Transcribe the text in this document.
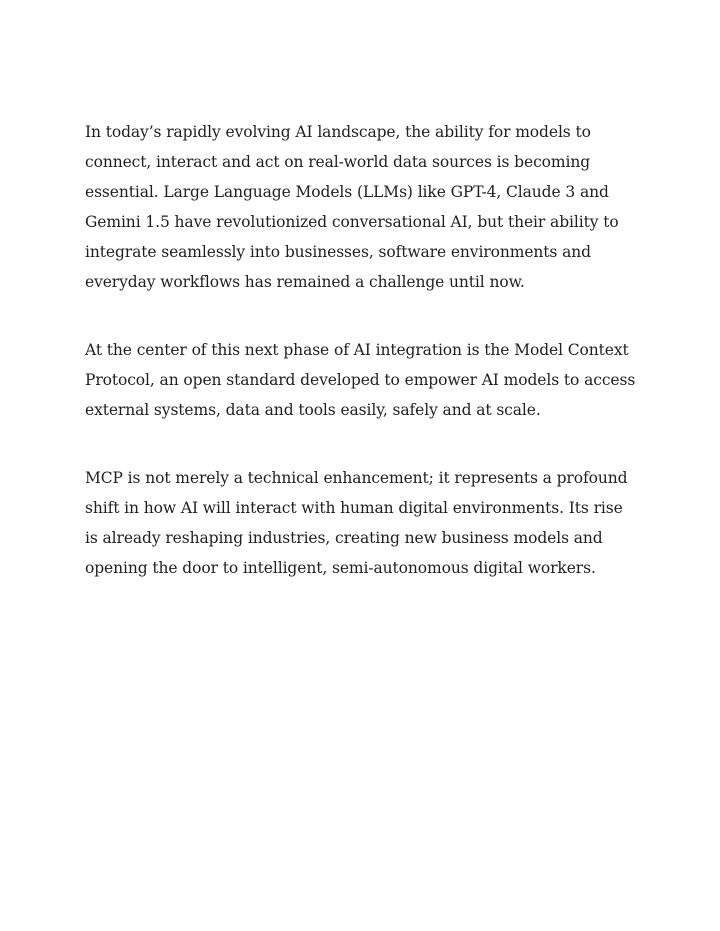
In today’s rapidly evolving AI landscape, the ability for models to
connect, interact and act on real-world data sources is becoming
essential. Large Language Models (LLMs) like GPT-4, Claude 3 and
Gemini 1.5 have revolutionized conversational AI, but their ability to
integrate seamlessly into businesses, software environments and
everyday workflows has remained a challenge until now.

At the center of this next phase of AI integration is the Model Context
Protocol, an open standard developed to empower AI models to access
external systems, data and tools easily, safely and at scale.

MCP is not merely a technical enhancement; it represents a profound
shift in how AI will interact with human digital environments. Its rise
is already reshaping industries, creating new business models and
opening the door to intelligent, semi-autonomous digital workers.
